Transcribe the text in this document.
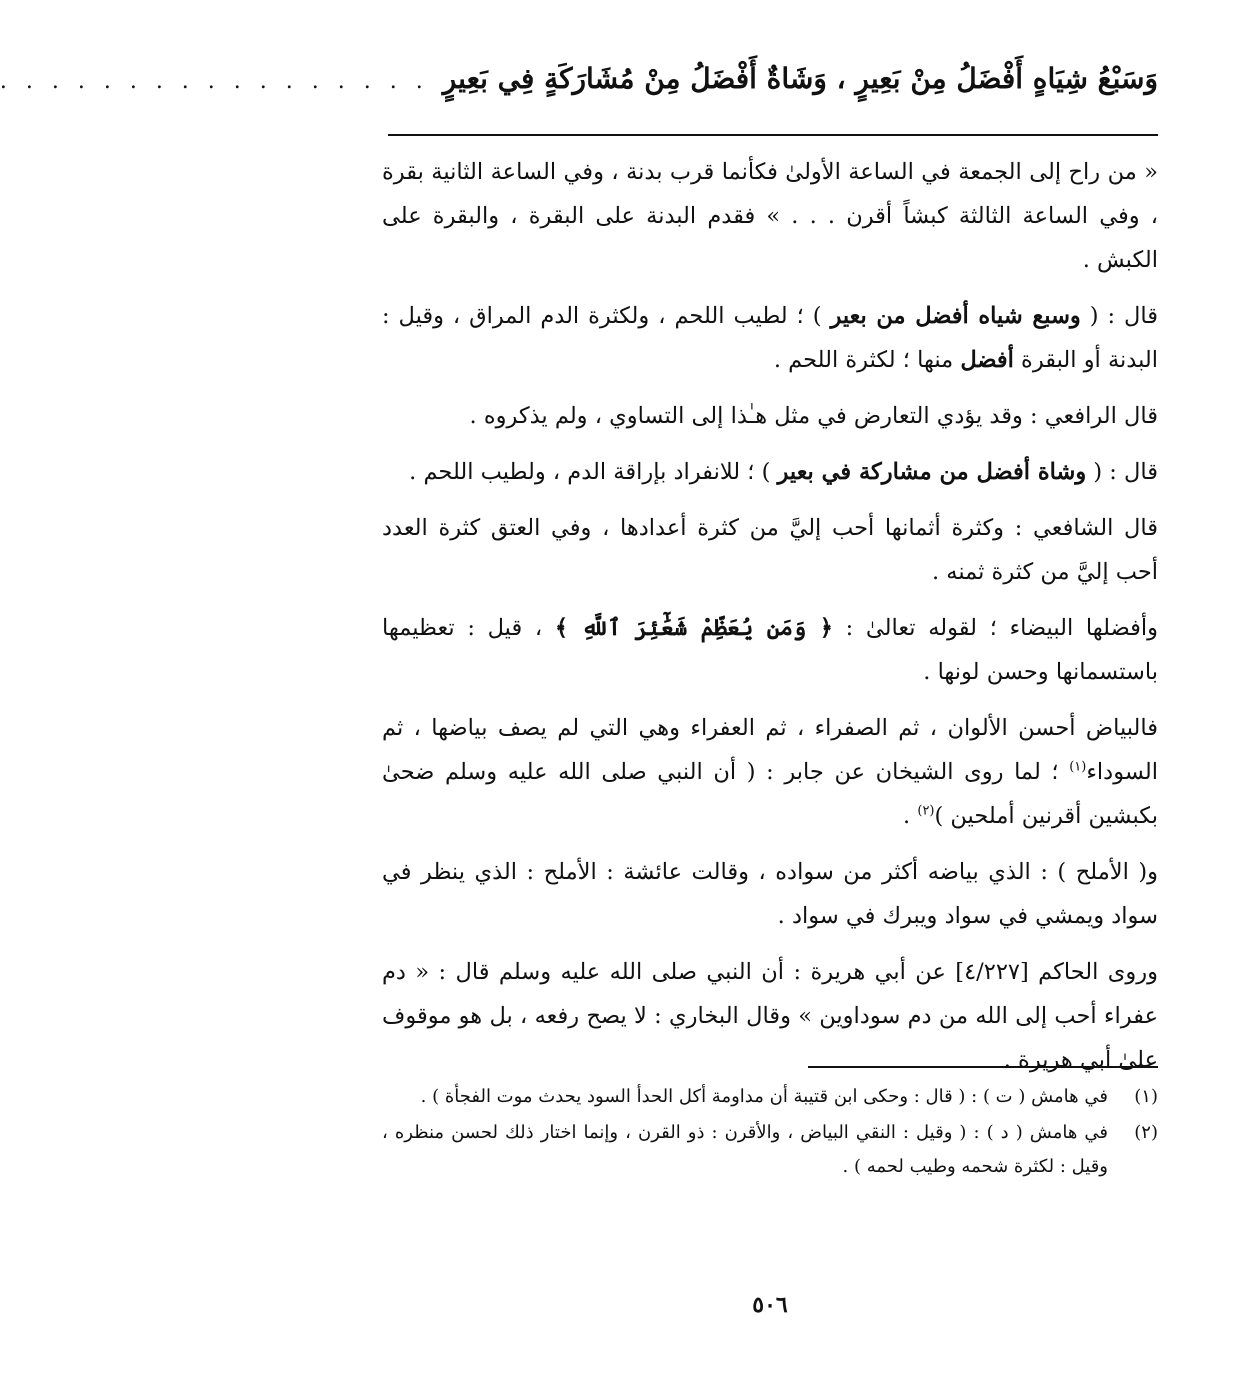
وَسَبْعُ شِيَاهٍ أَفْضَلُ مِنْ بَعِيرٍ ، وَشَاةٌ أَفْضَلُ مِنْ مُشَارَكَةٍ فِي بَعِيرٍ
. . . . . . . . . . . . . . . . .

« من راح إلى الجمعة في الساعة الأولىٰ فكأنما قرب بدنة ، وفي الساعة الثانية بقرة ، وفي الساعة الثالثة كبشاً أقرن . . . » فقدم البدنة على البقرة ، والبقرة على الكبش .

قال : ( وسبع شياه أفضل من بعير ) ؛ لطيب اللحم ، ولكثرة الدم المراق ، وقيل : البدنة أو البقرة أفضل منها ؛ لكثرة اللحم .

قال الرافعي : وقد يؤدي التعارض في مثل هـٰذا إلى التساوي ، ولم يذكروه .

قال : ( وشاة أفضل من مشاركة في بعير ) ؛ للانفراد بإراقة الدم ، ولطيب اللحم .

قال الشافعي : وكثرة أثمانها أحب إليَّ من كثرة أعدادها ، وفي العتق كثرة العدد أحب إليَّ من كثرة ثمنه .

وأفضلها البيضاء ؛ لقوله تعالىٰ : ﴿ وَمَن يُعَظِّمْ شَعَٰٓئِرَ ٱللَّهِ ﴾ ، قيل : تعظيمها باستسمانها وحسن لونها .

فالبياض أحسن الألوان ، ثم الصفراء ، ثم العفراء وهي التي لم يصف بياضها ، ثم السوداء$^{(١)}$ ؛ لما روى الشيخان عن جابر : ( أن النبي صلى الله عليه وسلم ضحىٰ بكبشين أقرنين أملحين )$^{(٢)}$ .

و( الأملح ) : الذي بياضه أكثر من سواده ، وقالت عائشة : الأملح : الذي ينظر في سواد ويمشي في سواد ويبرك في سواد .

وروى الحاكم [٤/٢٢٧] عن أبي هريرة : أن النبي صلى الله عليه وسلم قال : « دم عفراء أحب إلى الله من دم سوداوين » وقال البخاري : لا يصح رفعه ، بل هو موقوف علىٰ أبي هريرة .

(١)
في هامش ( ت ) : ( قال : وحكى ابن قتيبة أن مداومة أكل الحدأ السود يحدث موت الفجأة ) .
(٢)
في هامش ( د ) : ( وقيل : النقي البياض ، والأقرن : ذو القرن ، وإنما اختار ذلك لحسن منظره ، وقيل : لكثرة شحمه وطيب لحمه ) .
٥٠٦
